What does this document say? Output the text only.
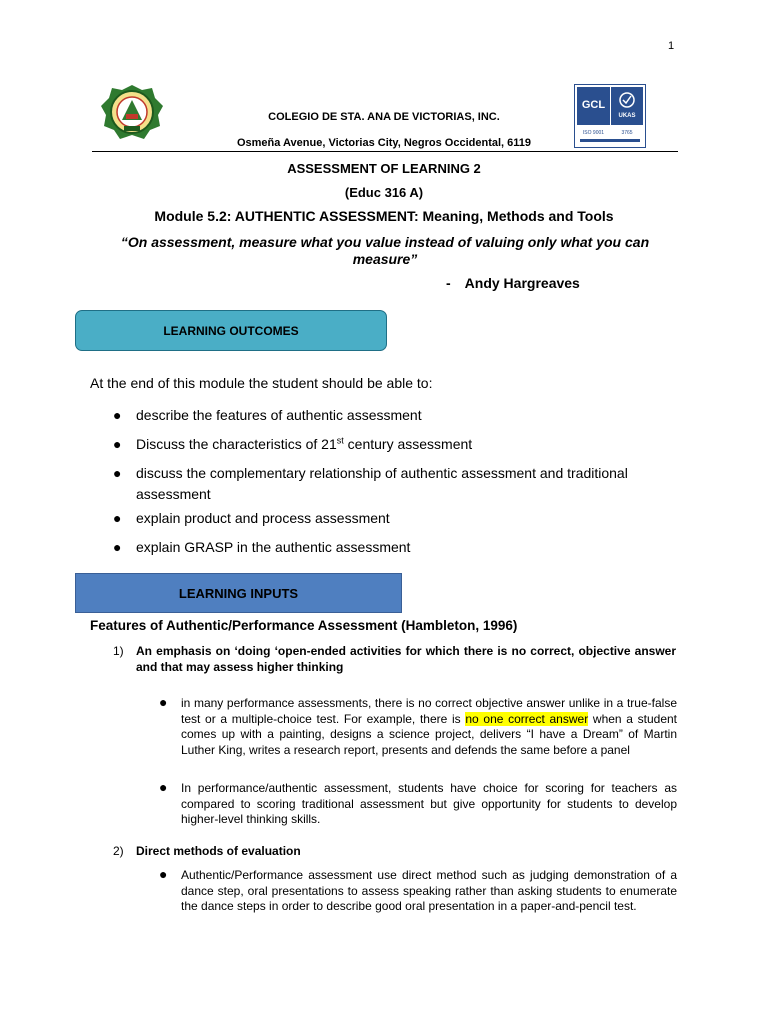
1
GCL
UKAS
ISO 9001	3765
COLEGIO DE STA. ANA DE VICTORIAS, INC.
Osmeña Avenue, Victorias City, Negros Occidental, 6119
ASSESSMENT OF LEARNING 2
(Educ 316 A)
Module 5.2: AUTHENTIC ASSESSMENT: Meaning, Methods and Tools
“On assessment, measure what you value instead of valuing only what you can measure”
- Andy Hargreaves
LEARNING OUTCOMES
At the end of this module the student should be able to:
● describe the features of authentic assessment
● Discuss the characteristics of 21st century assessment
● discuss the complementary relationship of authentic assessment and traditional assessment
● explain product and process assessment
● explain GRASP in the authentic assessment
LEARNING INPUTS
Features of Authentic/Performance Assessment (Hambleton, 1996)
1) An emphasis on ‘doing ‘open-ended activities for which there is no correct, objective answer and that may assess higher thinking
● in many performance assessments, there is no correct objective answer unlike in a true-false test or a multiple-choice test. For example, there is no one correct answer when a student comes up with a painting, designs a science project, delivers “I have a Dream” of Martin Luther King, writes a research report, presents and defends the same before a panel
● In performance/authentic assessment, students have choice for scoring for teachers as compared to scoring traditional assessment but give opportunity for students to develop higher-level thinking skills.
2) Direct methods of evaluation
● Authentic/Performance assessment use direct method such as judging demonstration of a dance step, oral presentations to assess speaking rather than asking students to enumerate the dance steps in order to describe good oral presentation in a paper-and-pencil test.
